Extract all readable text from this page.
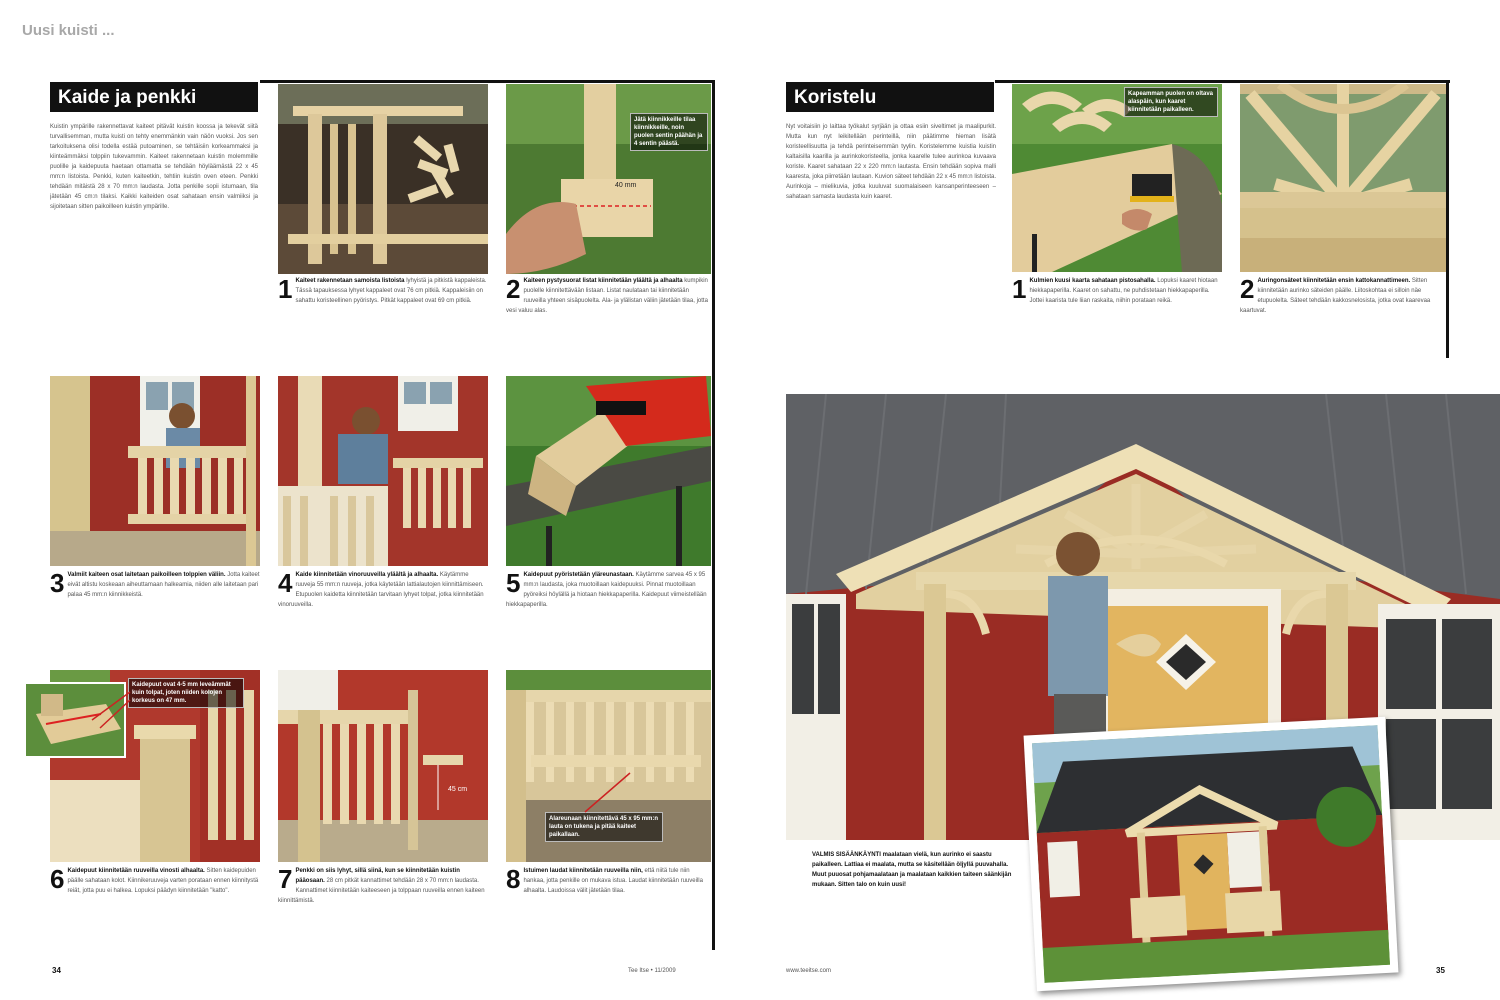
Uusi kuisti ...
Kaide ja penkki
Kuistin ympärille rakennettavat kaiteet pitävät kuistin koossa ja tekevät siitä turvallisemman, mutta kuisti on tehty enemmänkin vain näön vuoksi. Jos sen tarkoituksena olisi todella estää putoaminen, se tehtäisiin korkeammaksi ja kiinteämmäksi tolppiin tukevammin. Kaiteet rakennetaan kuistin molemmille puolille ja kaidepuuta haetaan ottamatta se tehdään höyläämästä 22 x 45 mm:n listoista. Penkki, kuten kaiteetkin, tehtiin kuistin oven eteen. Penkki tehdään mitäistä 28 x 70 mm:n laudasta. Jotta penkille sopii istumaan, tila jätetään 45 cm:n tilaksi. Kaikki kaiteiden osat sahataan ensin valmiiksi ja sijoitetaan sitten paikoilleen kuistin ympärille.
Jätä kiinnikkeille tilaa kiinnikkeille, noin puolen sentin päähän ja 4 sentin päästä.
40 mm
1 Kaiteet rakennetaan samoista listoista lyhyistä ja pitkistä kappaleista. Tässä tapauksessa lyhyet kappaleet ovat 76 cm pitkiä. Kappaleisiin on sahattu koristeellinen pyöristys. Pitkät kappaleet ovat 69 cm pitkiä.	2 Kaiteen pystysuorat listat kiinnitetään yläältä ja alhaalta kumpikin puolelle kiinnitettävään listaan. Listat naulataan tai kiinnitetään ruuveilla yhteen sisäpuolelta. Ala- ja ylälistan väliin jätetään tilaa, jotta vesi valuu alas.
3 Valmiit kaiteen osat laitetaan paikoilleen tolppien väliin. Jotta kaiteet eivät altistu koskeaan aiheuttamaan halkeamia, niiden alle laitetaan pari palaa 45 mm:n kiinnikkeistä.	4 Kaide kiinnitetään vinoruuveilla yläältä ja alhaalta. Käytämme ruuveja 55 mm:n ruuveja, jotka käytetään lattialautojen kiinnittämiseen. Etupuolen kaidetta kiinnitetään tarvitaan lyhyet tolpat, jotka kiinnitetään vinoruuveilla.
5 Kaidepuut pyöristetään yläreunastaan. Käytämme sarvea 45 x 95 mm:n laudasta, joka muotoillaan kaidepuuksi. Pinnat muotoillaan pyöreiksi höylällä ja hiotaan hiekkapaperilla. Kaidepuut viimeistellään hiekkapaperilla.
Kaidepuut ovat 4-5 mm leveämmät kuin tolpat, joten niiden kolojen korkeus on 47 mm.
45 cm
Alareunaan kiinnitettävä 45 x 95 mm:n lauta on tukena ja pitää kaiteet paikallaan.
6 Kaidepuut kiinnitetään ruuveilla vinosti alhaalta. Sitten kaidepuiden päälle sahataan kolot. Kiinnikeruuveja varten porataan ennen kiinnitystä reiät, jotta puu ei halkea. Lopuksi päädyn kiinnitetään "katto".	7 Penkki on siis lyhyt, sillä siinä, kun se kiinnitetään kuistin pääosaan. 28 cm pitkät kannattimet tehdään 28 x 70 mm:n laudasta. Kannattimet kiinnitetään kaiteeseen ja tolppaan ruuveilla ennen kaiteen kiinnittämistä.
8 Istuimen laudat kiinnitetään ruuveilla niin, että niitä tule niin hankaa, jotta penkille on mukava istua. Laudat kiinnitetään ruuveilla alhaalta. Laudoissa välit jätetään tilaa.
34	Tee Itse • 11/2009
Koristelu
Nyt voitaisiin jo laittaa työkalut syrjään ja ottaa esiin siveltimet ja maalipurkit. Mutta kun nyt leikitellään perinteillä, niin päätimme hieman lisätä koristeellisuutta ja tehdä perinteisemmän tyylin. Koristelemme kuistia kuistin kaltaisilla kaarilla ja aurinkokoristeella, jonka kaarelle tulee aurinkoa kuvaava koriste. Kaaret sahataan 22 x 220 mm:n lautasta. Ensin tehdään sopiva malli kaaresta, joka piirretään lautaan. Kuvion säteet tehdään 22 x 45 mm:n listoista. Aurinkoja – mielikuvia, jotka kuuluvat suomalaiseen kansanperinteeseen – sahataan samasta laudasta kuin kaaret.
Kapeamman puolen on oltava alaspäin, kun kaaret kiinnitetään paikalleen.
1 Kulmien kuusi kaarta sahataan pistosahalla. Lopuksi kaaret hiotaan hiekkapaperilla. Kaaret on sahattu, ne puhdistetaan hiekkapaperilla. Jottei kaarista tule liian raskaita, niihin porataan reikä.	2 Auringonsäteet kiinnitetään ensin kattokannattimeen. Sitten kiinnitetään aurinko säteiden päälle. Liitoskohtaa ei silloin näe etupuolelta. Säteet tehdään kakkosnelosista, jotka ovat kaarevaa kaartuvat.
VALMIS SISÄÄNKÄYNTI maalataan vielä, kun aurinko ei saastu paikalleen. Lattiaa ei maalata, mutta se käsitellään öljyllä puuvahalla. Muut puuosat pohjamaalataan ja maalataan kaikkien taiteen säänkijän mukaan. Sitten talo on kuin uusi!
www.teeitse.com	35
